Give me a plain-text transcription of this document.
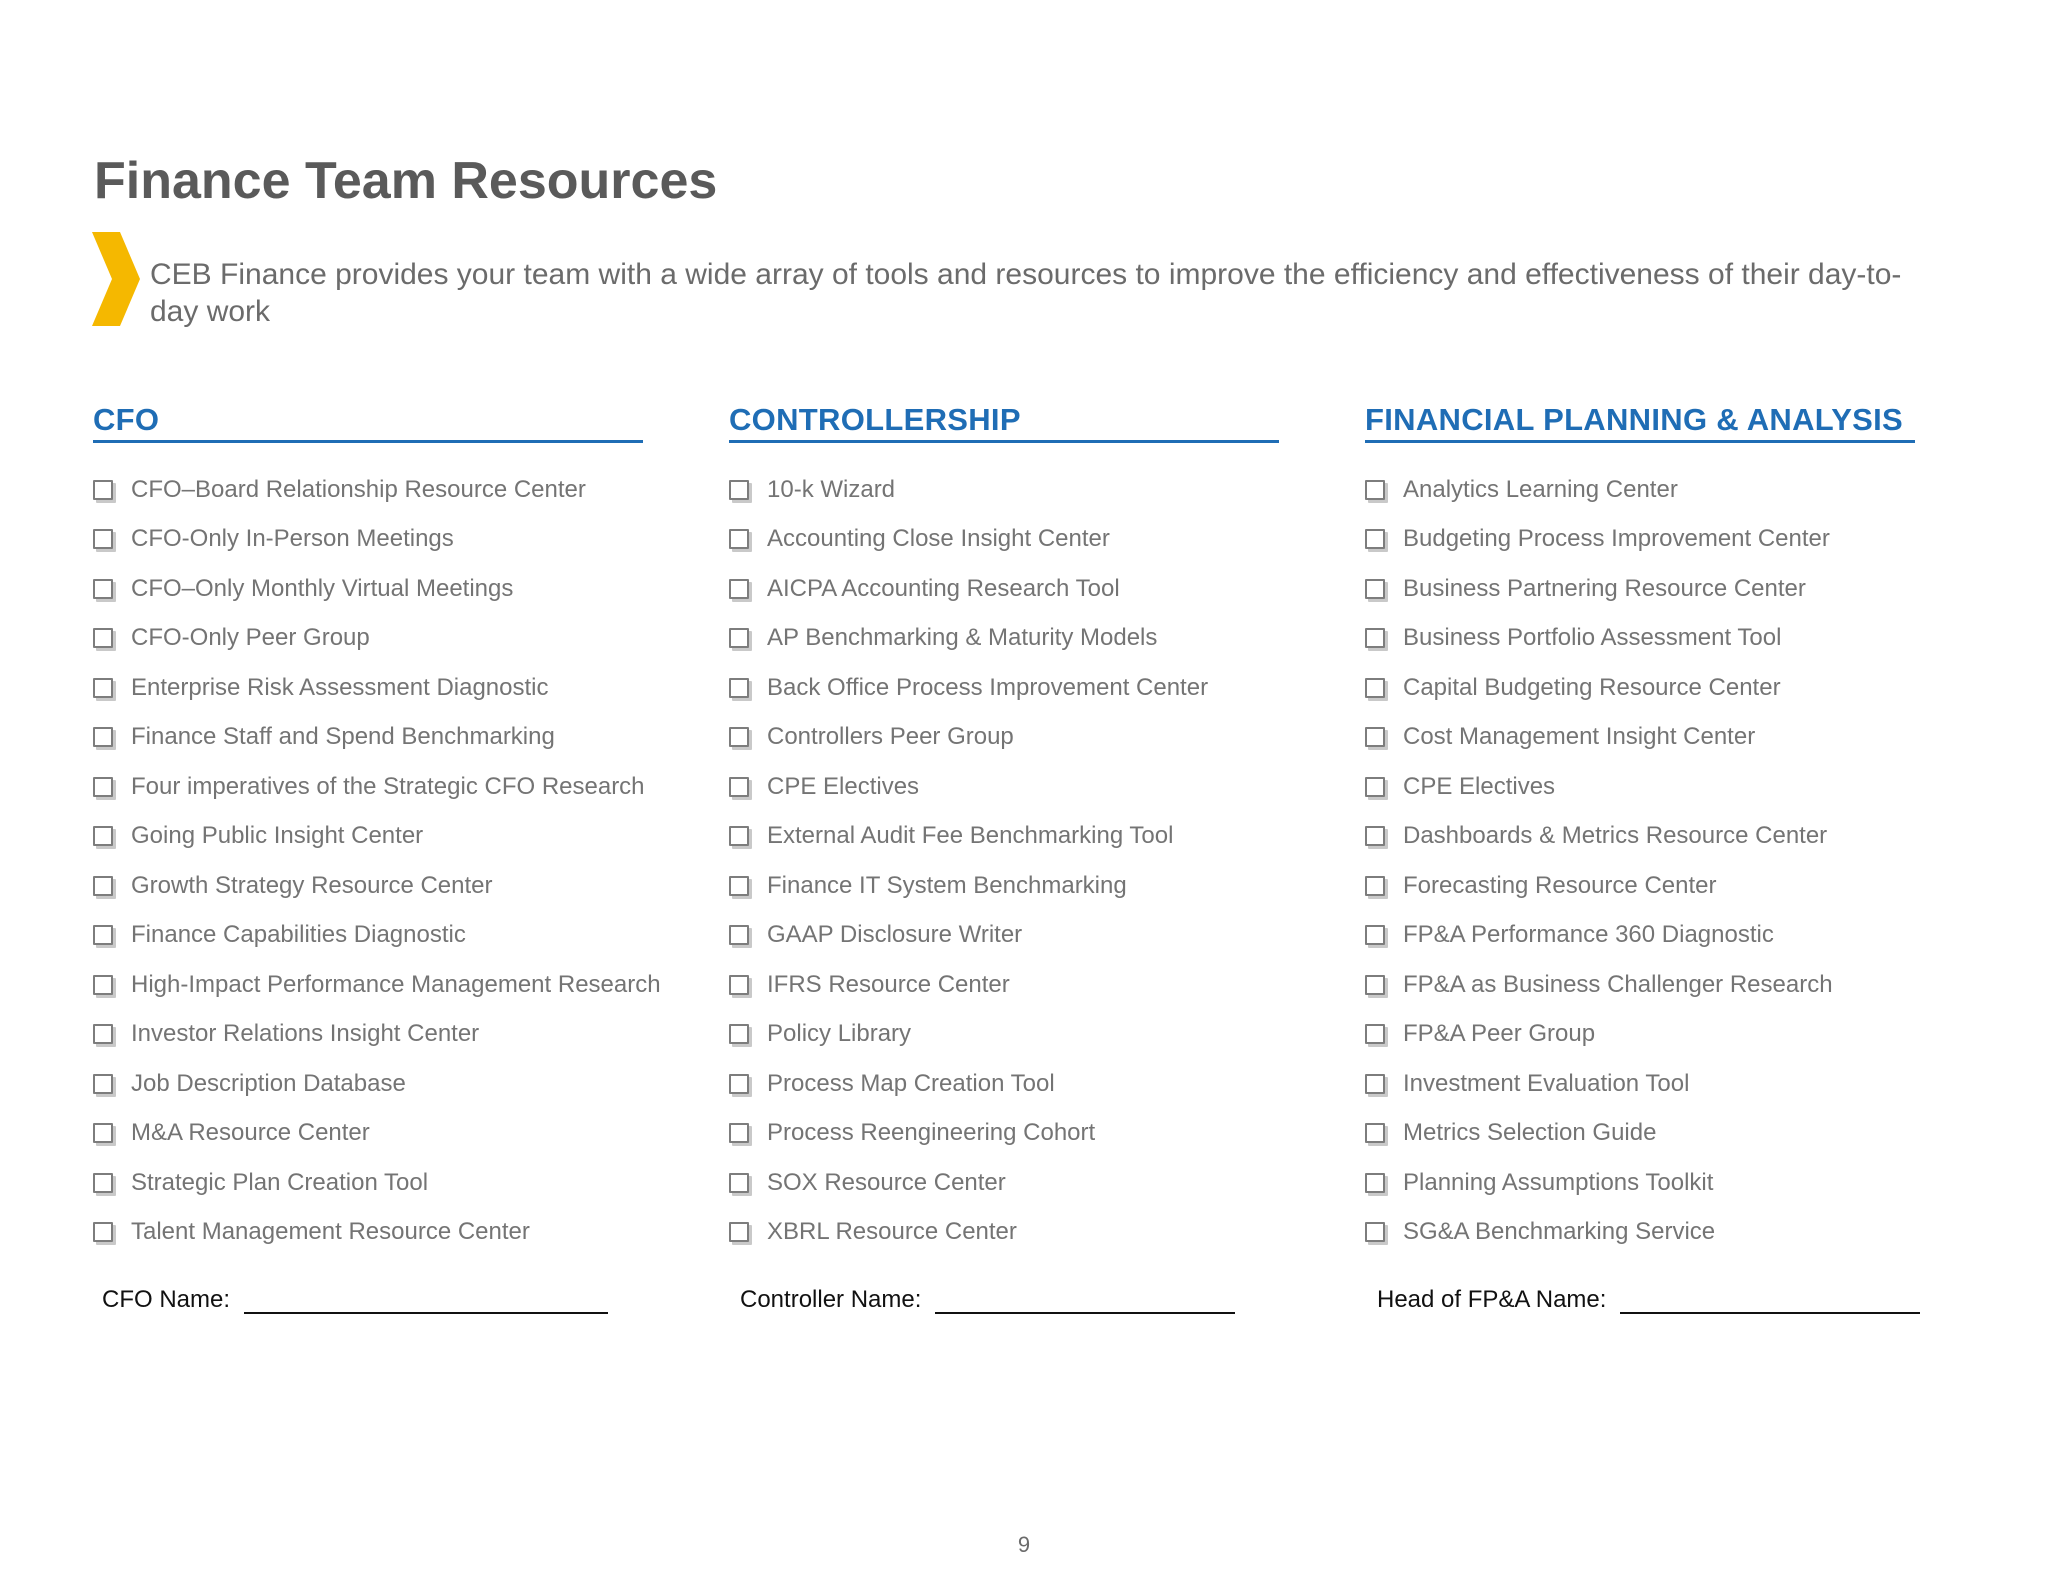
Finance Team Resources

CEB Finance provides your team with a wide array of tools and resources to improve the efficiency and effectiveness of their day-to-day work

CFO
CFO–Board Relationship Resource Center
CFO-Only In-Person Meetings
CFO–Only Monthly Virtual Meetings
CFO-Only Peer Group
Enterprise Risk Assessment Diagnostic
Finance Staff and Spend Benchmarking
Four imperatives of the Strategic CFO Research
Going Public Insight Center
Growth Strategy Resource Center
Finance Capabilities Diagnostic
High-Impact Performance Management Research
Investor Relations Insight Center
Job Description Database
M&A Resource Center
Strategic Plan Creation Tool
Talent Management Resource Center
CONTROLLERSHIP
10-k Wizard
Accounting Close Insight Center
AICPA Accounting Research Tool
AP Benchmarking & Maturity Models
Back Office Process Improvement Center
Controllers Peer Group
CPE Electives
External Audit Fee Benchmarking Tool
Finance IT System Benchmarking
GAAP Disclosure Writer
IFRS Resource Center
Policy Library
Process Map Creation Tool
Process Reengineering Cohort
SOX Resource Center
XBRL Resource Center
FINANCIAL PLANNING & ANALYSIS
Analytics Learning Center
Budgeting Process Improvement Center
Business Partnering Resource Center
Business Portfolio Assessment Tool
Capital Budgeting Resource Center
Cost Management Insight Center
CPE Electives
Dashboards & Metrics Resource Center
Forecasting Resource Center
FP&A Performance 360 Diagnostic
FP&A as Business Challenger Research
FP&A Peer Group
Investment Evaluation Tool
Metrics Selection Guide
Planning Assumptions Toolkit
SG&A Benchmarking Service
CFO Name:	Controller Name:	Head of FP&A Name:
9
